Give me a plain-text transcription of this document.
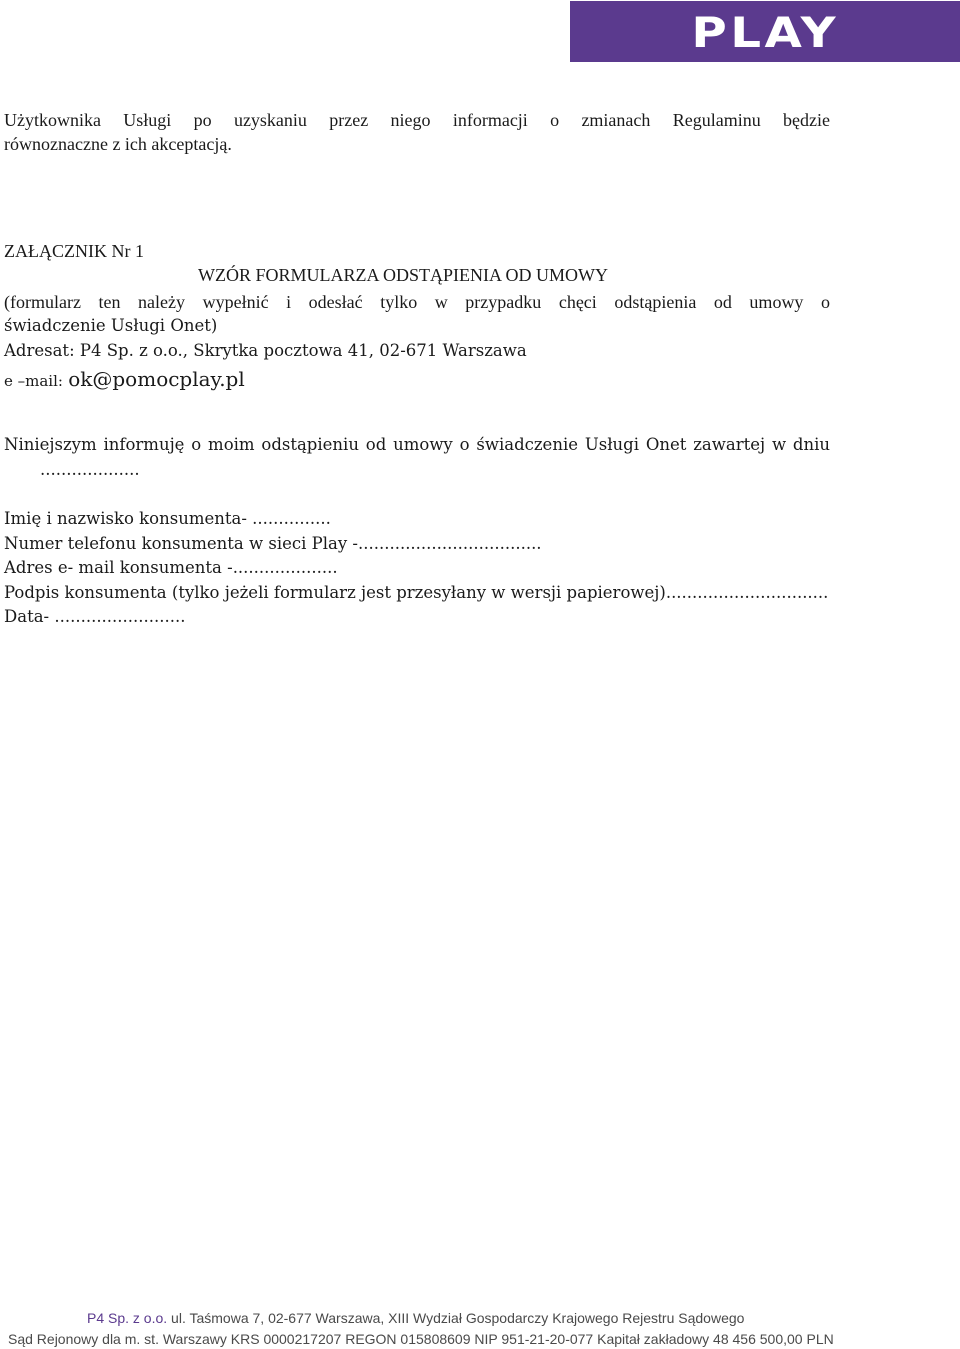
PLAY
Użytkownika Usługi po uzyskaniu przez niego informacji o zmianach Regulaminu będzie
równoznaczne z ich akceptacją.
ZAŁĄCZNIK Nr 1
WZÓR FORMULARZA ODSTĄPIENIA OD UMOWY
(formularz ten należy wypełnić i odesłać tylko w przypadku chęci odstąpienia od umowy o
świadczenie Usługi Onet)
Adresat: P4 Sp. z o.o., Skrytka pocztowa 41, 02-671 Warszawa
e –mail: ok@pomocplay.pl
Niniejszym informuję o moim odstąpieniu od umowy o świadczenie Usługi Onet zawartej w dniu
...................
Imię i nazwisko konsumenta- ...............
Numer telefonu konsumenta w sieci Play -...................................
Adres e- mail konsumenta -....................
Podpis konsumenta (tylko jeżeli formularz jest przesyłany w wersji papierowej)...............................
Data- .........................
P4 Sp. z o.o. ul. Taśmowa 7, 02-677 Warszawa, XIII Wydział Gospodarczy Krajowego Rejestru Sądowego
Sąd Rejonowy dla m. st. Warszawy KRS 0000217207 REGON 015808609 NIP 951-21-20-077 Kapitał zakładowy 48 456 500,00 PLN
